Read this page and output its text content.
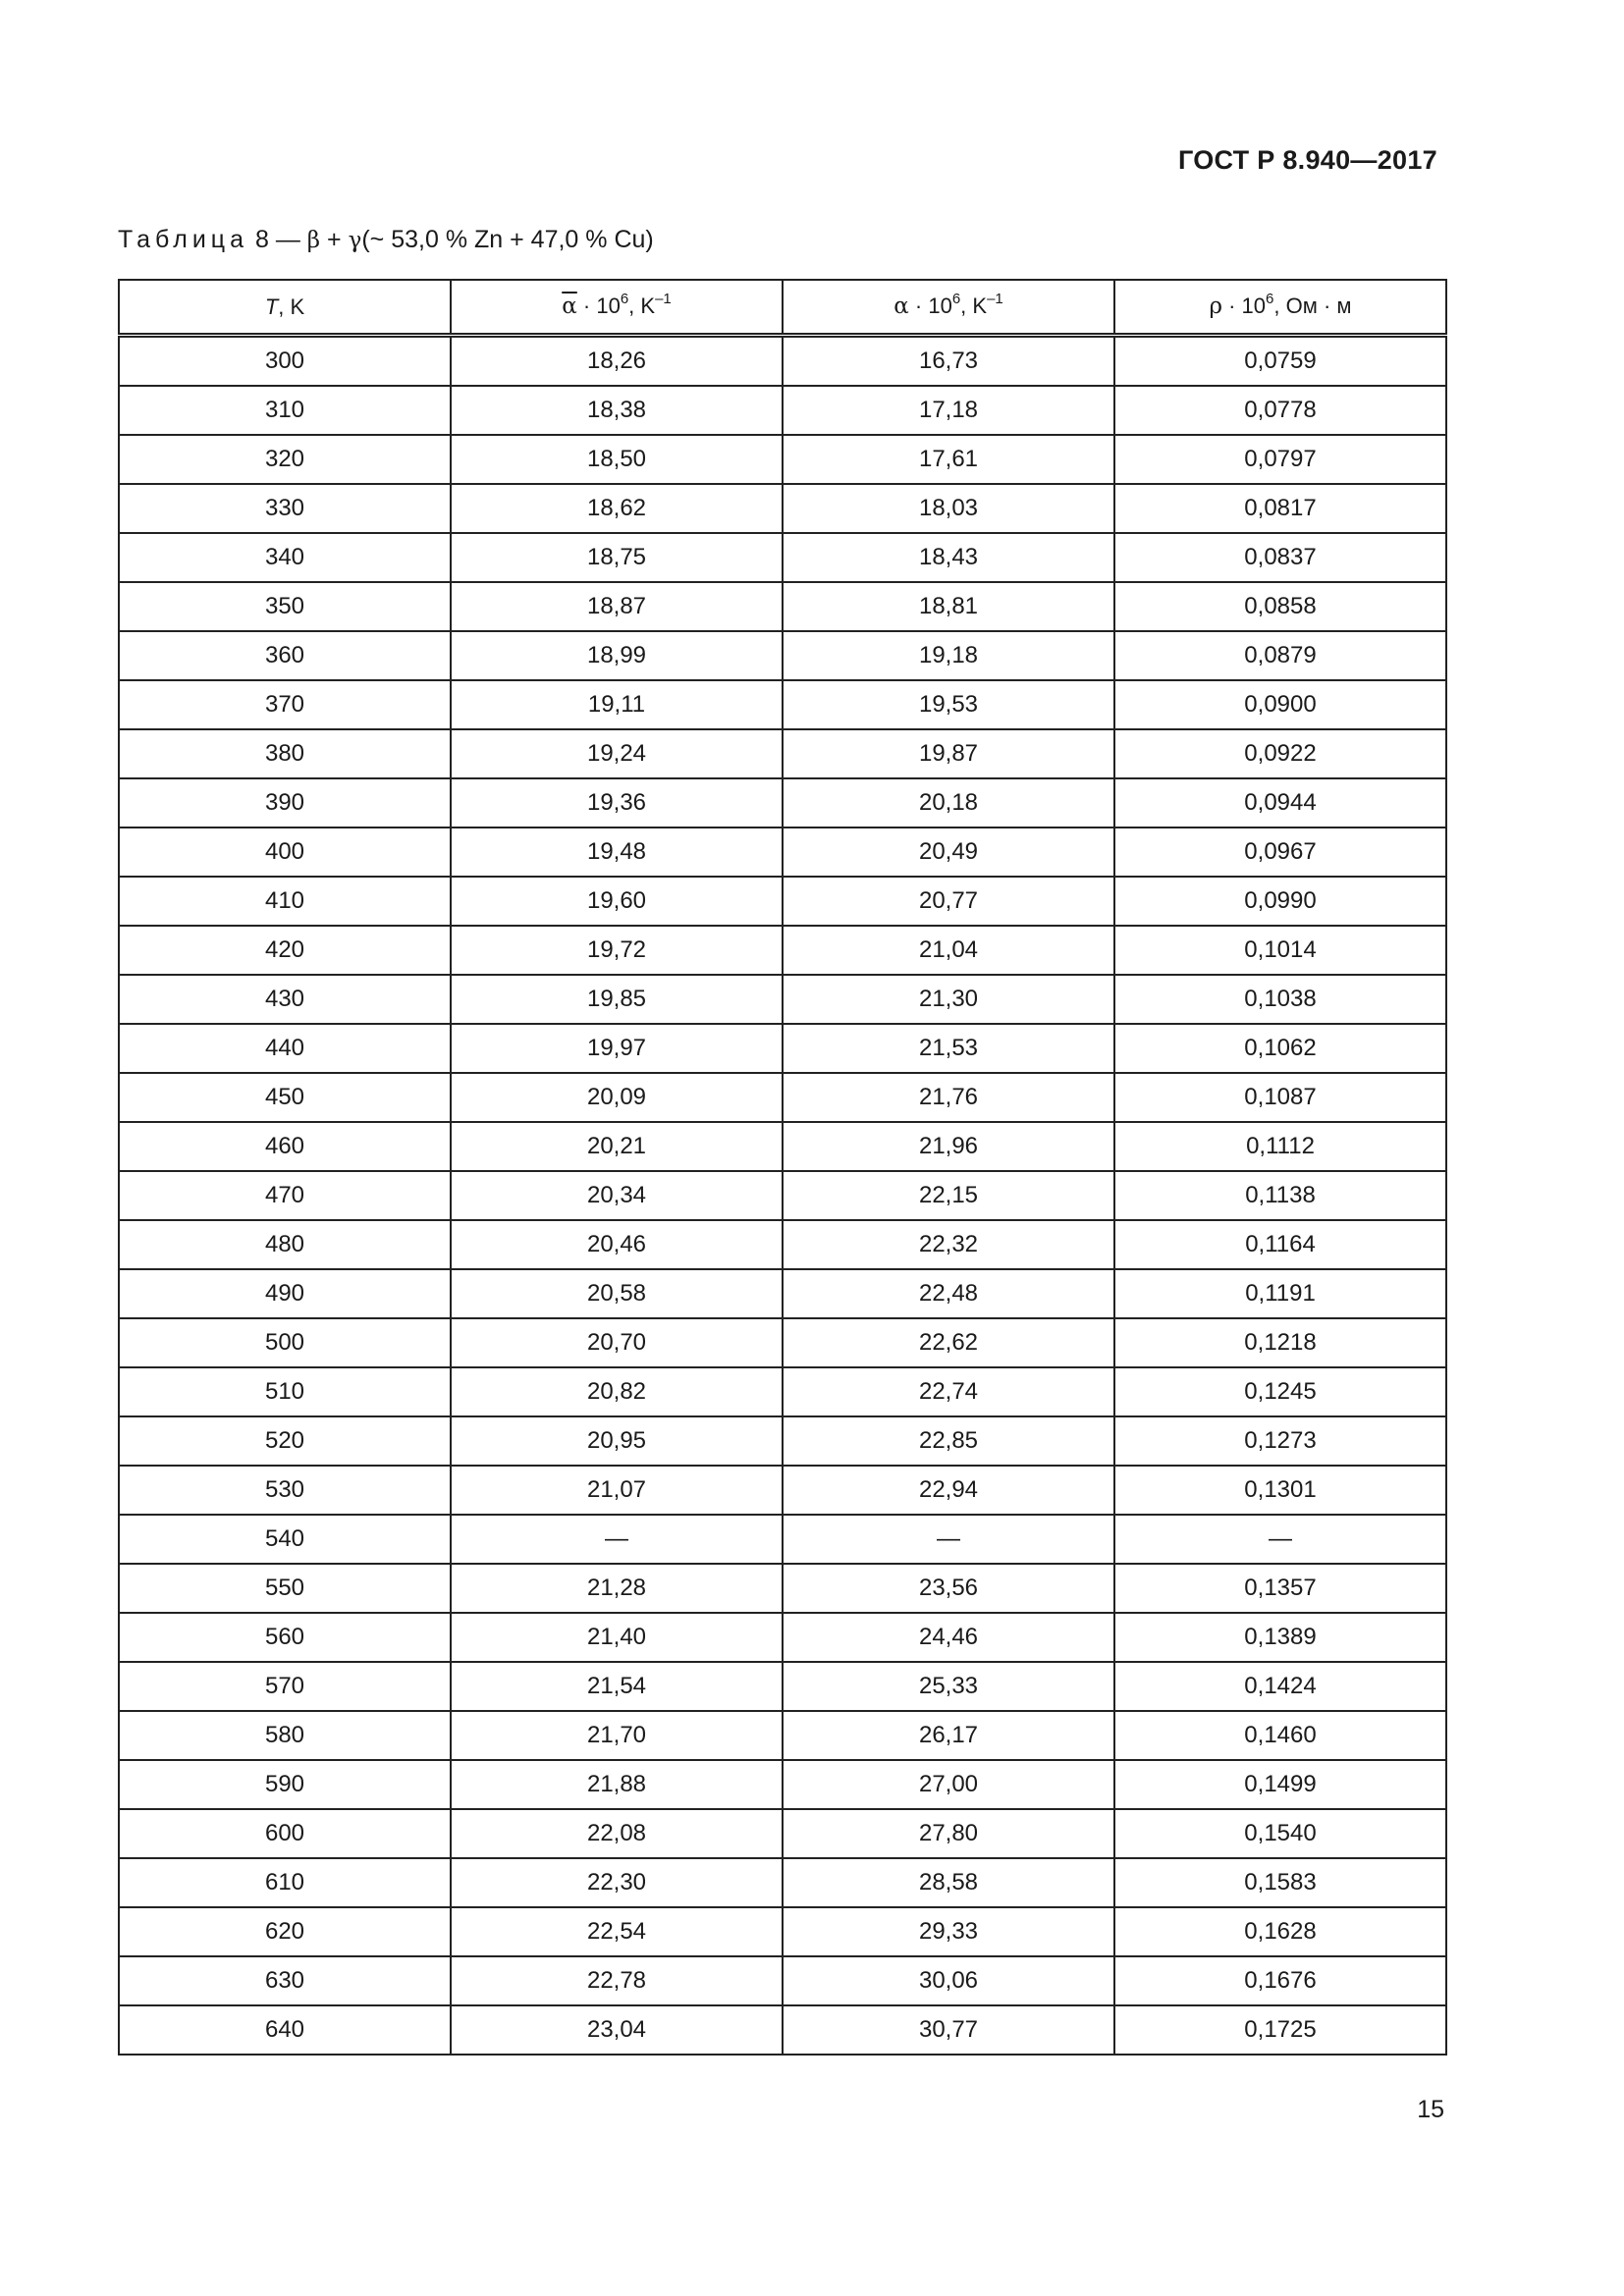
ГОСТ Р 8.940—2017
Таблица 8 — β + γ(~ 53,0 % Zn + 47,0 % Cu)
T, K	$\overline{\alpha} \cdot 10^6$, $K^{-1}$	$\alpha \cdot 10^6$, $K^{-1}$	$\rho \cdot 10^6$, Ом · м
300	18,26	16,73	0,0759
310	18,38	17,18	0,0778
320	18,50	17,61	0,0797
330	18,62	18,03	0,0817
340	18,75	18,43	0,0837
350	18,87	18,81	0,0858
360	18,99	19,18	0,0879
370	19,11	19,53	0,0900
380	19,24	19,87	0,0922
390	19,36	20,18	0,0944
400	19,48	20,49	0,0967
410	19,60	20,77	0,0990
420	19,72	21,04	0,1014
430	19,85	21,30	0,1038
440	19,97	21,53	0,1062
450	20,09	21,76	0,1087
460	20,21	21,96	0,1112
470	20,34	22,15	0,1138
480	20,46	22,32	0,1164
490	20,58	22,48	0,1191
500	20,70	22,62	0,1218
510	20,82	22,74	0,1245
520	20,95	22,85	0,1273
530	21,07	22,94	0,1301
540	—	—	—
550	21,28	23,56	0,1357
560	21,40	24,46	0,1389
570	21,54	25,33	0,1424
580	21,70	26,17	0,1460
590	21,88	27,00	0,1499
600	22,08	27,80	0,1540
610	22,30	28,58	0,1583
620	22,54	29,33	0,1628
630	22,78	30,06	0,1676
640	23,04	30,77	0,1725
15
